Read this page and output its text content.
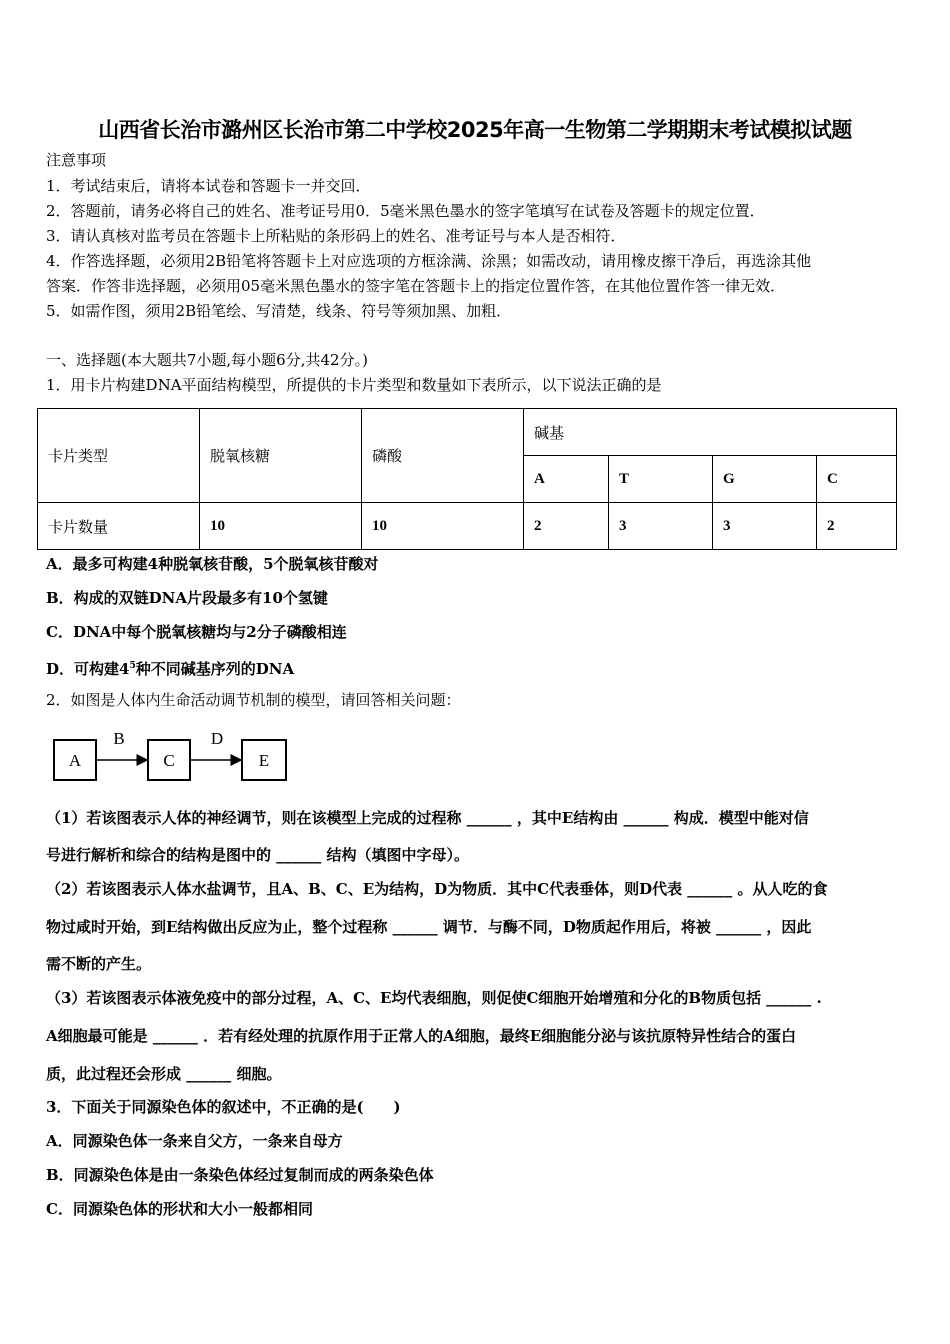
山西省长治市潞州区长治市第二中学校2025年高一生物第二学期期末考试模拟试题
注意事项
1．考试结束后，请将本试卷和答题卡一并交回．
2．答题前，请务必将自己的姓名、准考证号用0．5毫米黑色墨水的签字笔填写在试卷及答题卡的规定位置．
3．请认真核对监考员在答题卡上所粘贴的条形码上的姓名、准考证号与本人是否相符．
4．作答选择题，必须用2B铅笔将答题卡上对应选项的方框涂满、涂黑；如需改动，请用橡皮擦干净后，再选涂其他
答案．作答非选择题，必须用05毫米黑色墨水的签字笔在答题卡上的指定位置作答，在其他位置作答一律无效．
5．如需作图，须用2B铅笔绘、写清楚，线条、符号等须加黑、加粗．
一、选择题(本大题共7小题,每小题6分,共42分。)
1．用卡片构建DNA平面结构模型，所提供的卡片类型和数量如下表所示，以下说法正确的是
卡片类型	脱氧核糖	磷酸	碱基			
			A	T	G	C
卡片数量	10	10	2	3	3	2
A．最多可构建4种脱氧核苷酸，5个脱氧核苷酸对
B．构成的双链DNA片段最多有10个氢键
C．DNA中每个脱氧核糖均与2分子磷酸相连
D．可构建$4^5$种不同碱基序列的DNA
2．如图是人体内生命活动调节机制的模型，请回答相关问题：
A	C	E
B	D
（1）若该图表示人体的神经调节，则在该模型上完成的过程称 ______ ，其中E结构由 ______ 构成．模型中能对信
号进行解析和综合的结构是图中的 ______ 结构（填图中字母）。
（2）若该图表示人体水盐调节，且A、B、C、E为结构，D为物质．其中C代表垂体，则D代表 ______ 。从人吃的食
物过咸时开始，到E结构做出反应为止，整个过程称 ______ 调节．与酶不同，D物质起作用后，将被 ______ ，因此
需不断的产生。
（3）若该图表示体液免疫中的部分过程，A、C、E均代表细胞，则促使C细胞开始增殖和分化的B物质包括 ______ .
A细胞最可能是 ______ ．若有经处理的抗原作用于正常人的A细胞，最终E细胞能分泌与该抗原特异性结合的蛋白
质，此过程还会形成 ______ 细胞。
3．下面关于同源染色体的叙述中，不正确的是(　　)
A．同源染色体一条来自父方，一条来自母方
B．同源染色体是由一条染色体经过复制而成的两条染色体
C．同源染色体的形状和大小一般都相同
